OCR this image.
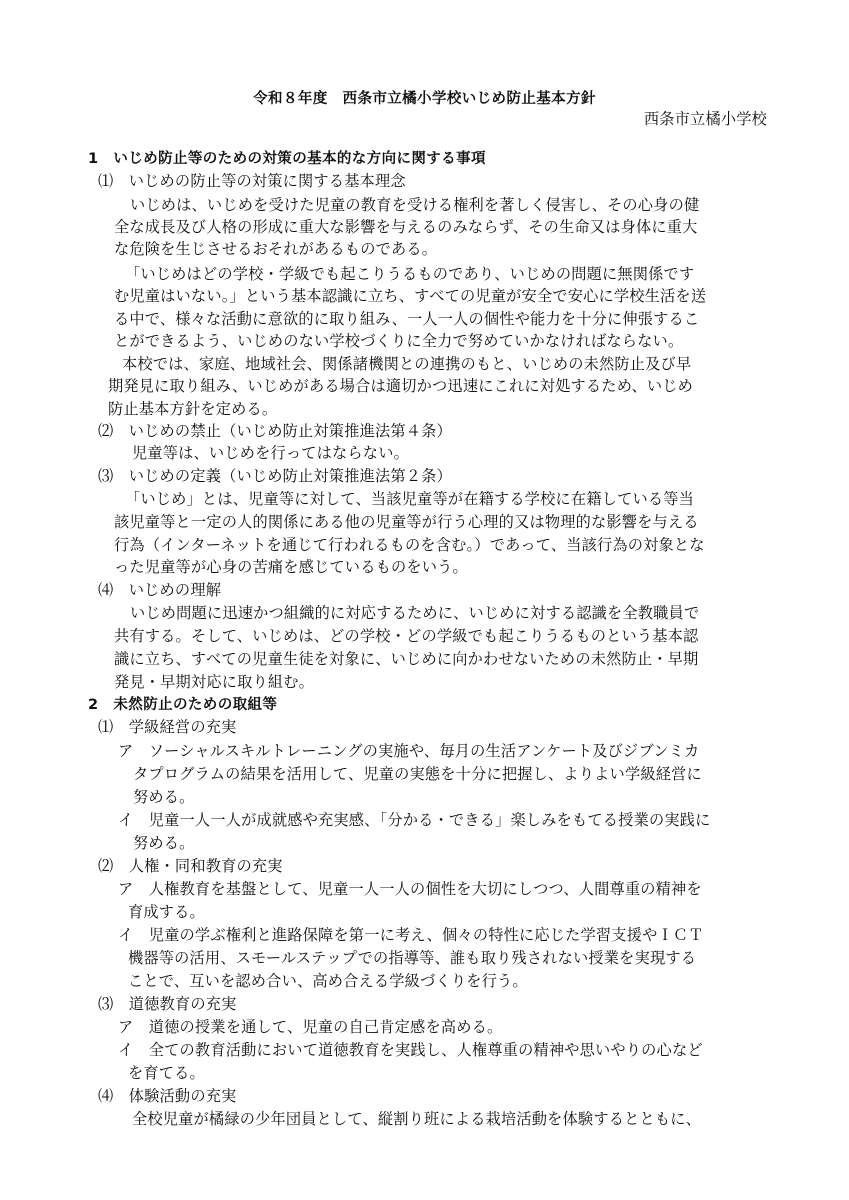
令和８年度　西条市立橘小学校いじめ防止基本方針
西条市立橘小学校
1　いじめ防止等のための対策の基本的な方向に関する事項
⑴　いじめの防止等の対策に関する基本理念
いじめは、いじめを受けた児童の教育を受ける権利を著しく侵害し、その心身の健
全な成長及び人格の形成に重大な影響を与えるのみならず、その生命又は身体に重大
な危険を生じさせるおそれがあるものである。
「いじめはどの学校・学級でも起こりうるものであり、いじめの問題に無関係です
む児童はいない。」という基本認識に立ち、すべての児童が安全で安心に学校生活を送
る中で、様々な活動に意欲的に取り組み、一人一人の個性や能力を十分に伸張するこ
とができるよう、いじめのない学校づくりに全力で努めていかなければならない。
本校では、家庭、地域社会、関係諸機関との連携のもと、いじめの未然防止及び早
期発見に取り組み、いじめがある場合は適切かつ迅速にこれに対処するため、いじめ
防止基本方針を定める。
⑵　いじめの禁止（いじめ防止対策推進法第４条）
児童等は、いじめを行ってはならない。
⑶　いじめの定義（いじめ防止対策推進法第２条）
「いじめ」とは、児童等に対して、当該児童等が在籍する学校に在籍している等当
該児童等と一定の人的関係にある他の児童等が行う心理的又は物理的な影響を与える
行為（インターネットを通じて行われるものを含む。）であって、当該行為の対象とな
った児童等が心身の苦痛を感じているものをいう。
⑷　いじめの理解
いじめ問題に迅速かつ組織的に対応するために、いじめに対する認識を全教職員で
共有する。そして、いじめは、どの学校・どの学級でも起こりうるものという基本認
識に立ち、すべての児童生徒を対象に、いじめに向かわせないための未然防止・早期
発見・早期対応に取り組む。
2　未然防止のための取組等
⑴　学級経営の充実
ア　ソーシャルスキルトレーニングの実施や、毎月の生活アンケート及びジブンミカ
タプログラムの結果を活用して、児童の実態を十分に把握し、よりよい学級経営に
努める。
イ　児童一人一人が成就感や充実感、「分かる・できる」楽しみをもてる授業の実践に
努める。
⑵　人権・同和教育の充実
ア　人権教育を基盤として、児童一人一人の個性を大切にしつつ、人間尊重の精神を
育成する。
イ　児童の学ぶ権利と進路保障を第一に考え、個々の特性に応じた学習支援やＩＣＴ
機器等の活用、スモールステップでの指導等、誰も取り残されない授業を実現する
ことで、互いを認め合い、高め合える学級づくりを行う。
⑶　道徳教育の充実
ア　道徳の授業を通して、児童の自己肯定感を高める。
イ　全ての教育活動において道徳教育を実践し、人権尊重の精神や思いやりの心など
を育てる。
⑷　体験活動の充実
全校児童が橘緑の少年団員として、縦割り班による栽培活動を体験するとともに、
